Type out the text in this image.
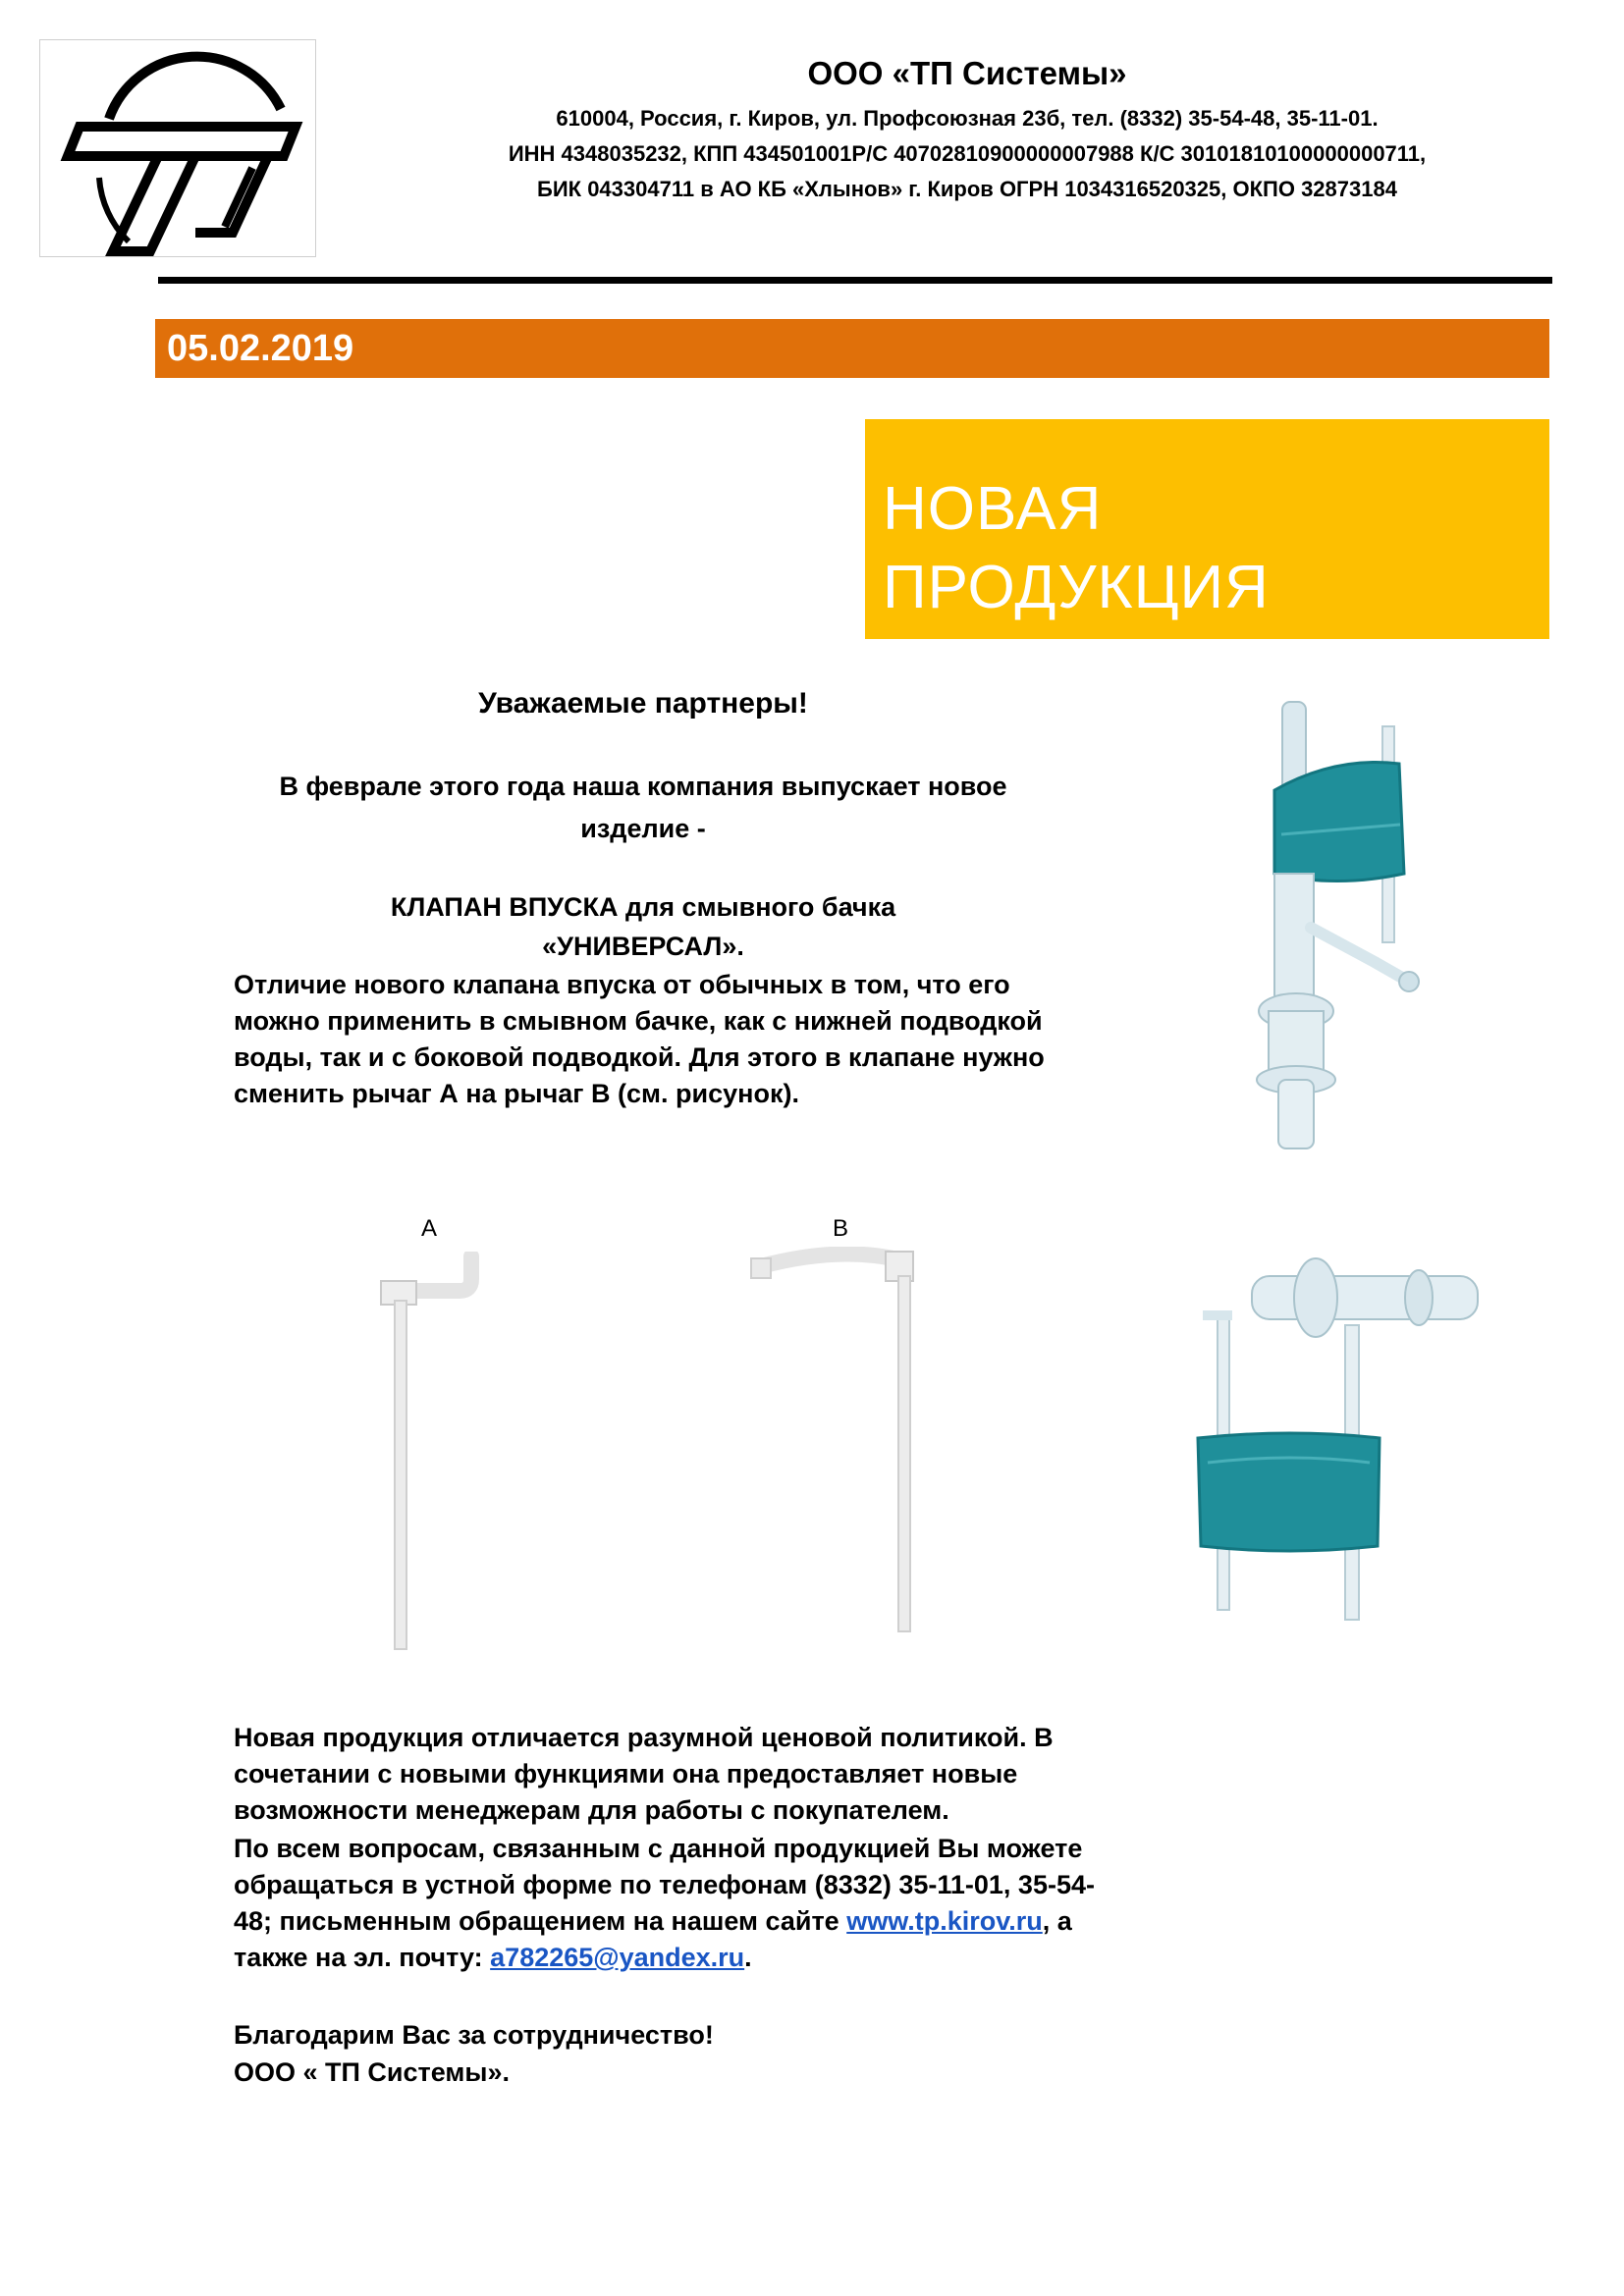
ООО «ТП Системы»
610004, Россия, г. Киров, ул. Профсоюзная 23б, тел. (8332) 35-54-48, 35-11-01.
ИНН 4348035232, КПП 434501001Р/С 40702810900000007988 К/С 30101810100000000711,
БИК 043304711 в АО КБ «Хлынов» г. Киров ОГРН 1034316520325, ОКПО 32873184
05.02.2019
НОВАЯ
ПРОДУКЦИЯ
Уважаемые партнеры!
В феврале этого года наша компания выпускает новое
изделие -
КЛАПАН ВПУСКА для смывного бачка
«УНИВЕРСАЛ».
Отличие нового клапана впуска от обычных в том, что его можно применить в смывном бачке, как с нижней подводкой воды, так и с боковой подводкой. Для этого в клапане нужно сменить рычаг А на рычаг В (см. рисунок).
А	В
Новая продукция отличается разумной ценовой политикой. В сочетании с новыми функциями она предоставляет новые возможности менеджерам для работы с покупателем.
По всем вопросам, связанным с данной продукцией Вы можете обращаться в устной форме по телефонам (8332) 35-11-01, 35-54-48; письменным обращением на нашем сайте www.tp.kirov.ru, а также на эл. почту: a782265@yandex.ru.
Благодарим Вас за сотрудничество!
ООО « ТП Системы».
